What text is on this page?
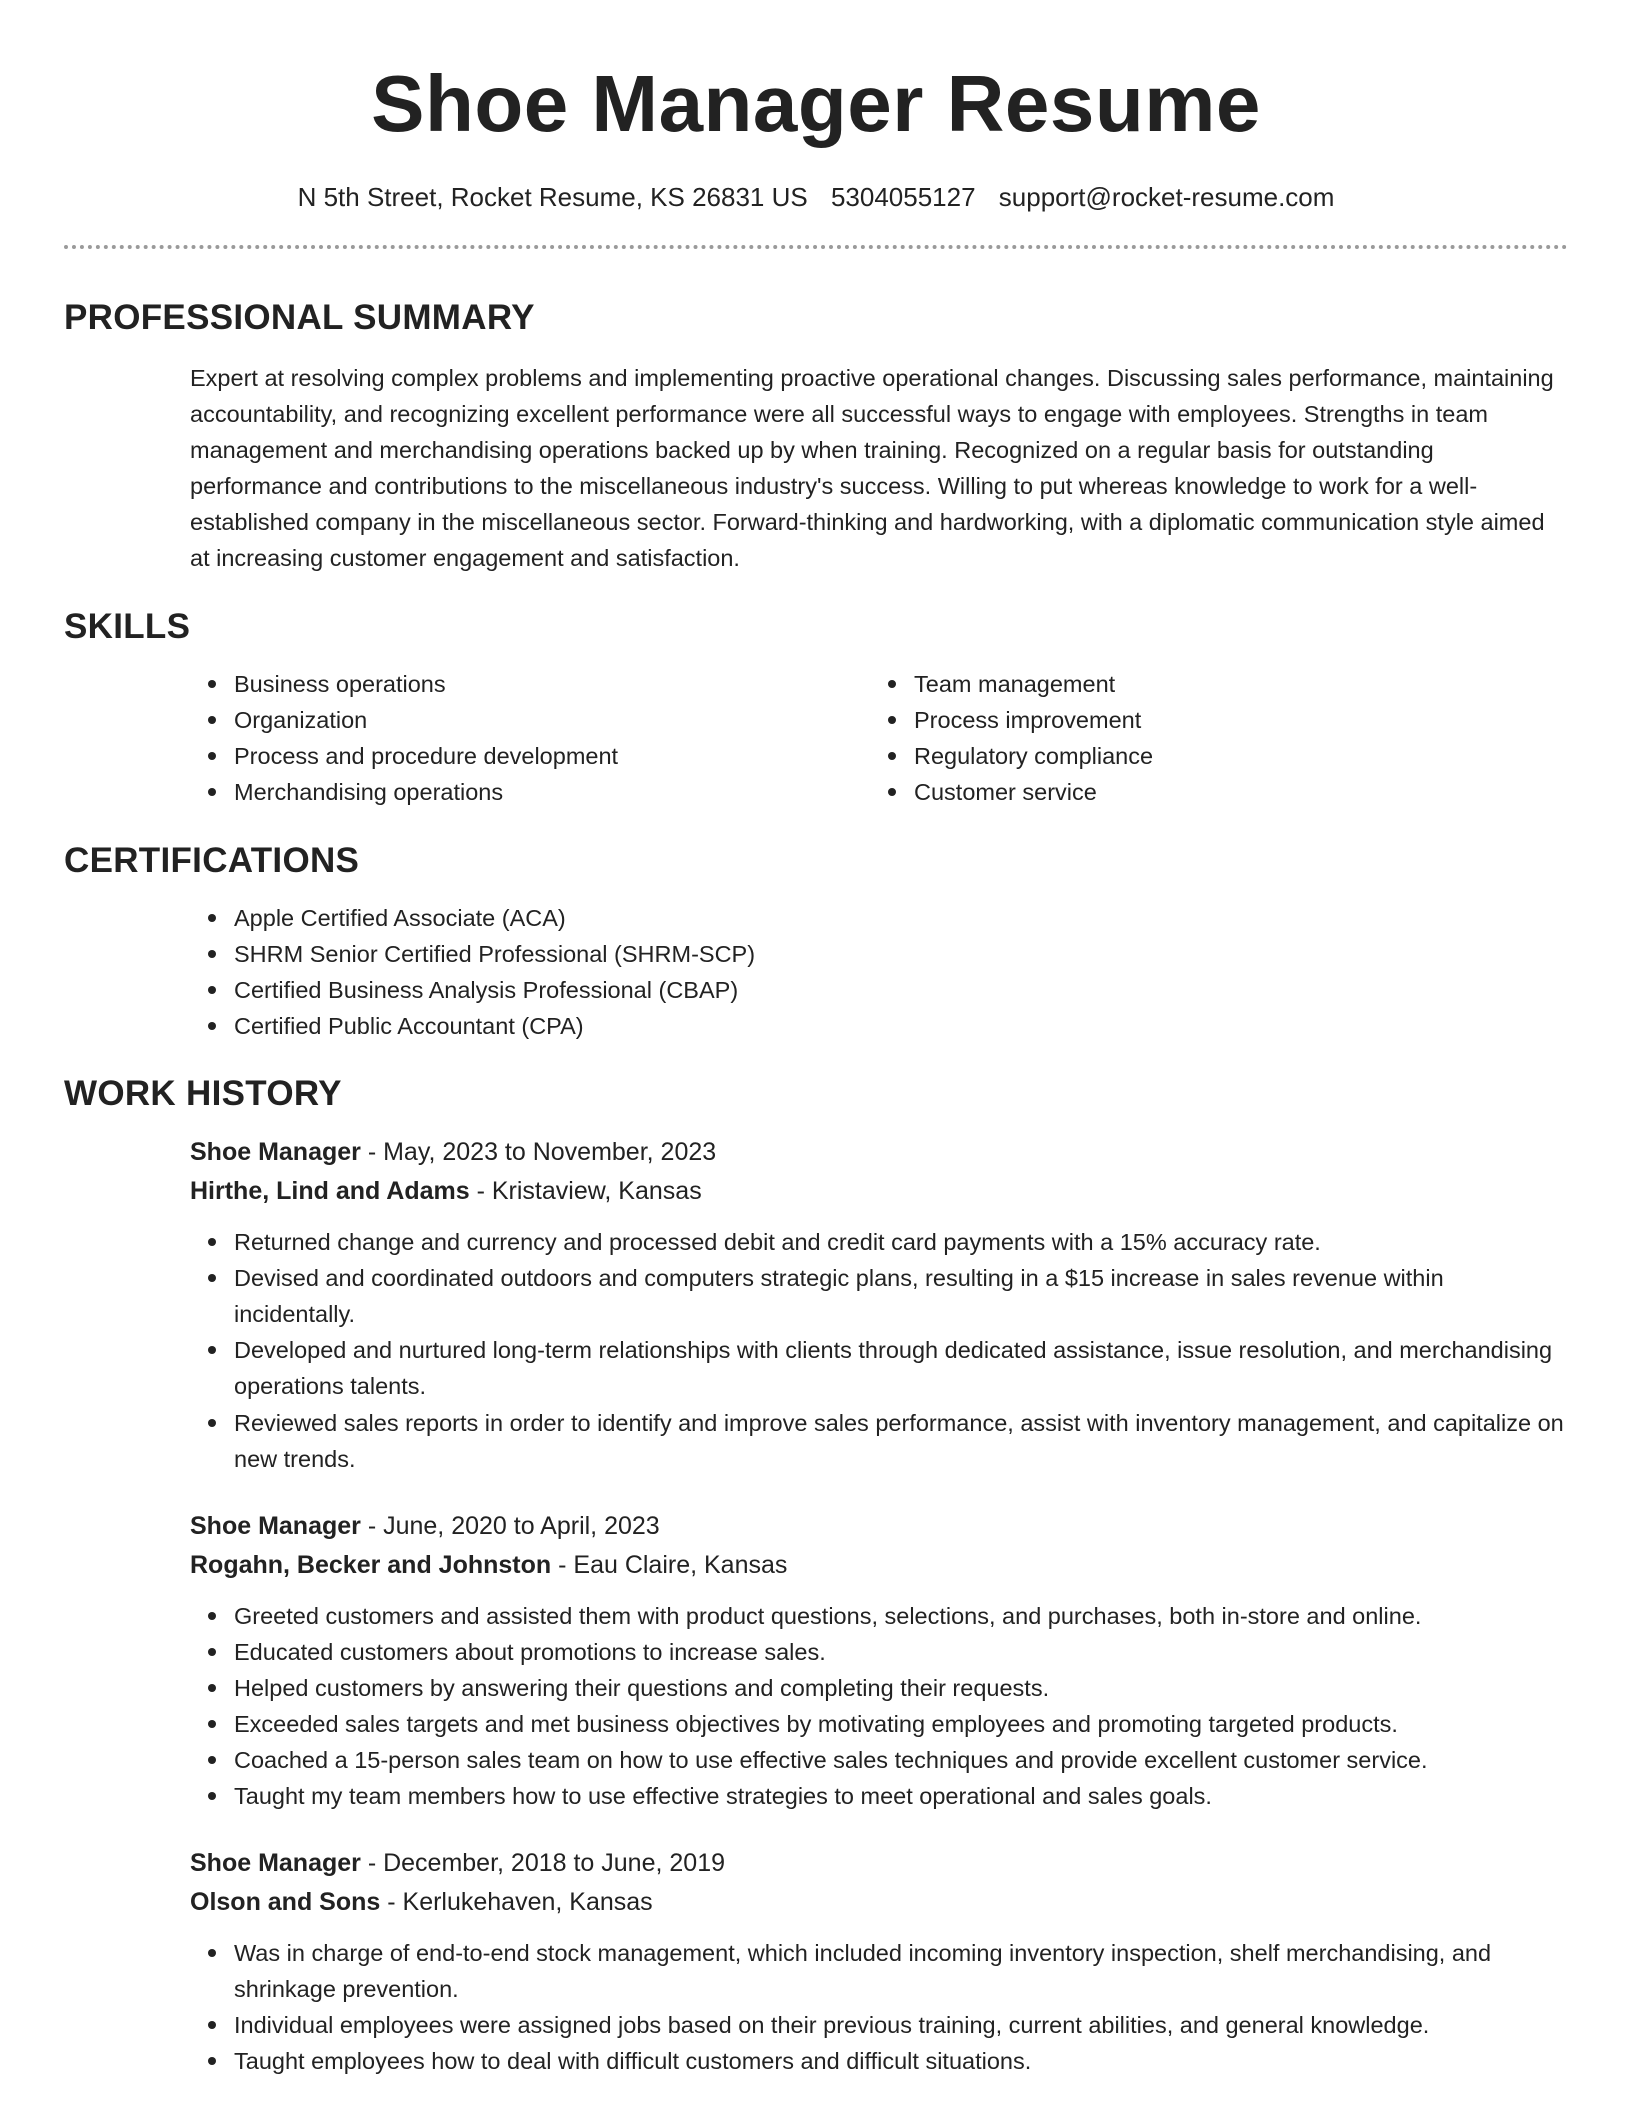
Shoe Manager Resume
N 5th Street, Rocket Resume, KS 26831 US 5304055127 support@rocket-resume.com
PROFESSIONAL SUMMARY

Expert at resolving complex problems and implementing proactive operational changes. Discussing sales performance, maintaining accountability, and recognizing excellent performance were all successful ways to engage with employees. Strengths in team management and merchandising operations backed up by when training. Recognized on a regular basis for outstanding performance and contributions to the miscellaneous industry's success. Willing to put whereas knowledge to work for a well-established company in the miscellaneous sector. Forward-thinking and hardworking, with a diplomatic communication style aimed at increasing customer engagement and satisfaction.

SKILLS
Business operations
Organization
Process and procedure development
Merchandising operations
Team management
Process improvement
Regulatory compliance
Customer service
CERTIFICATIONS
Apple Certified Associate (ACA)
SHRM Senior Certified Professional (SHRM-SCP)
Certified Business Analysis Professional (CBAP)
Certified Public Accountant (CPA)
WORK HISTORY
Shoe Manager - May, 2023 to November, 2023
Hirthe, Lind and Adams - Kristaview, Kansas
Returned change and currency and processed debit and credit card payments with a 15% accuracy rate.
Devised and coordinated outdoors and computers strategic plans, resulting in a $15 increase in sales revenue within incidentally.
Developed and nurtured long-term relationships with clients through dedicated assistance, issue resolution, and merchandising operations talents.
Reviewed sales reports in order to identify and improve sales performance, assist with inventory management, and capitalize on new trends.
Shoe Manager - June, 2020 to April, 2023
Rogahn, Becker and Johnston - Eau Claire, Kansas
Greeted customers and assisted them with product questions, selections, and purchases, both in-store and online.
Educated customers about promotions to increase sales.
Helped customers by answering their questions and completing their requests.
Exceeded sales targets and met business objectives by motivating employees and promoting targeted products.
Coached a 15-person sales team on how to use effective sales techniques and provide excellent customer service.
Taught my team members how to use effective strategies to meet operational and sales goals.
Shoe Manager - December, 2018 to June, 2019
Olson and Sons - Kerlukehaven, Kansas
Was in charge of end-to-end stock management, which included incoming inventory inspection, shelf merchandising, and shrinkage prevention.
Individual employees were assigned jobs based on their previous training, current abilities, and general knowledge.
Taught employees how to deal with difficult customers and difficult situations.
